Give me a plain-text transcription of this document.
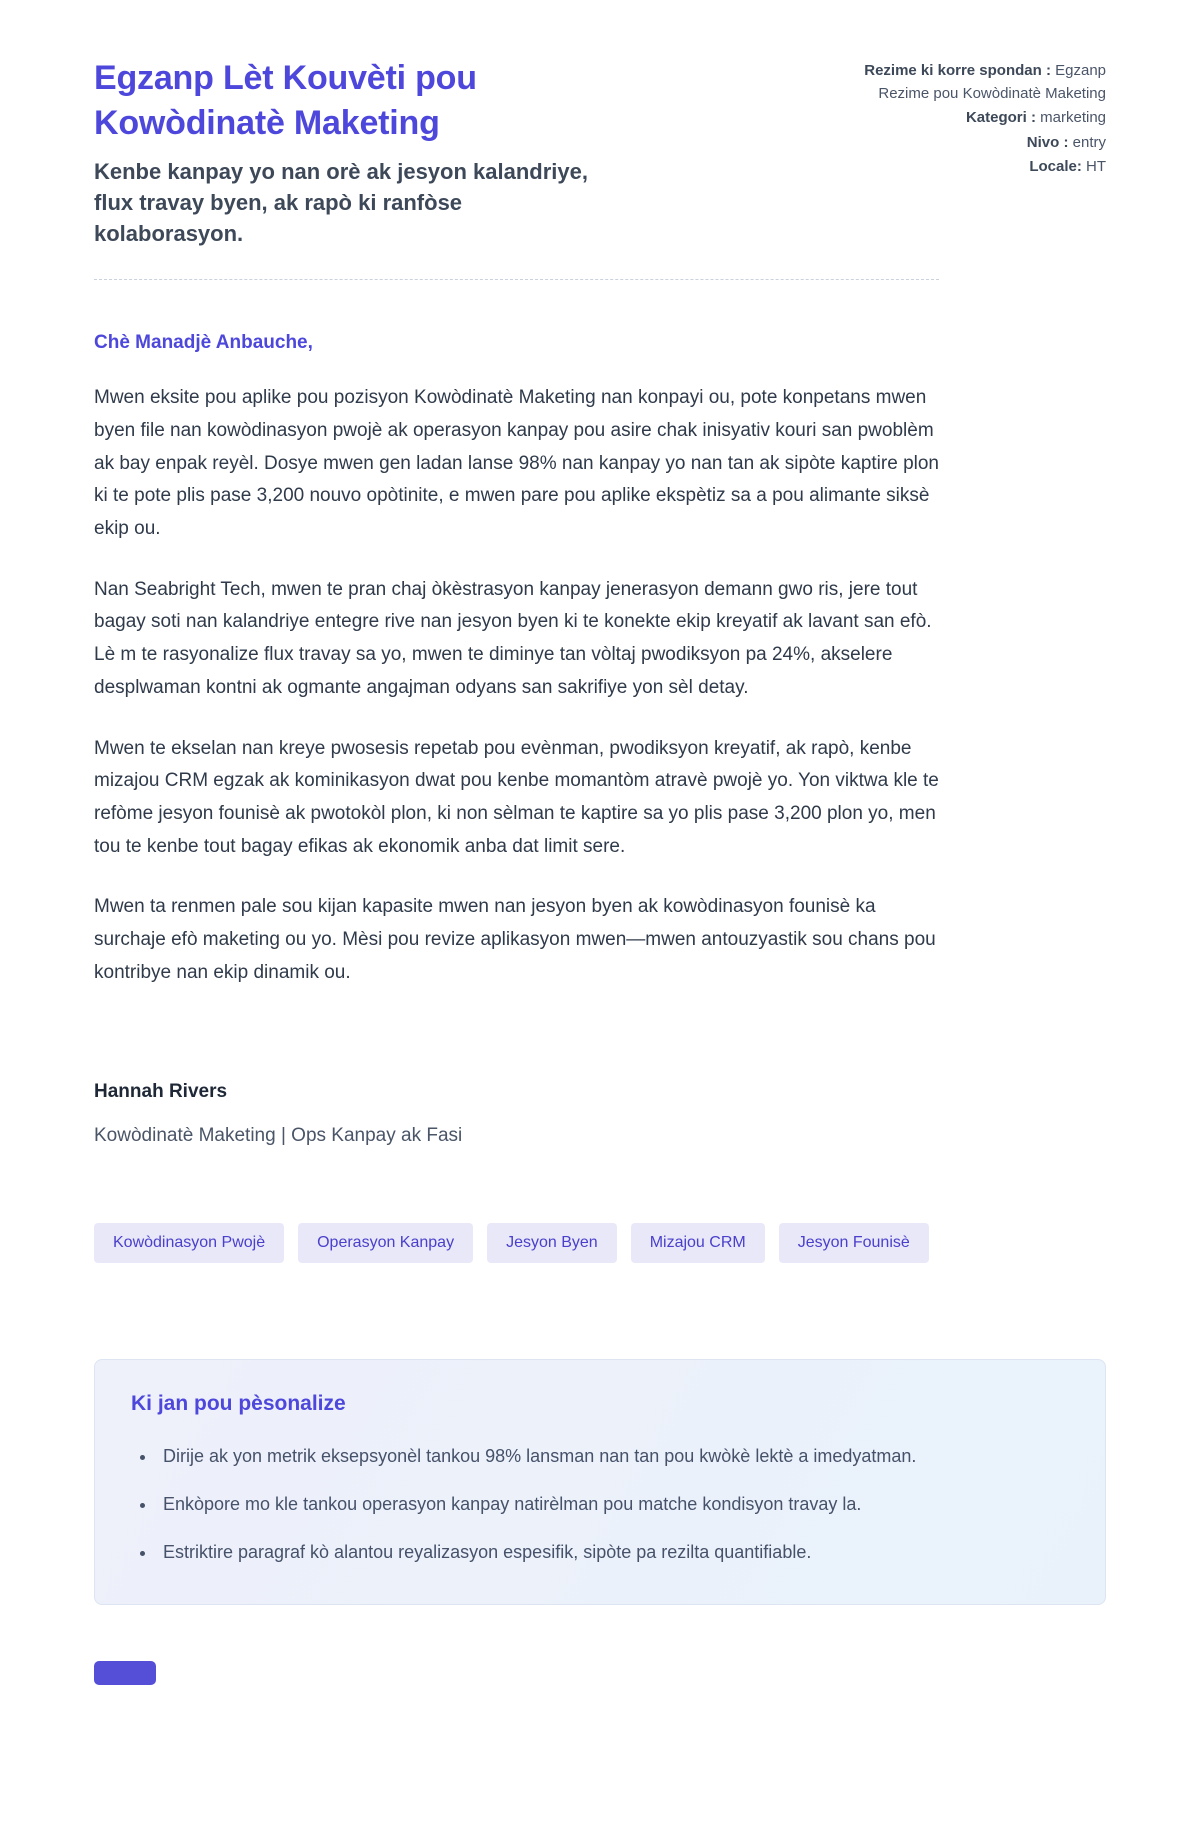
Egzanp Lèt Kouvèti pou Kowòdinatè Maketing

Kenbe kanpay yo nan orè ak jesyon kalandriye, flux travay byen, ak rapò ki ranfòse kolaborasyon.

Rezime ki korre spondan : Egzanp Rezime pou Kowòdinatè Maketing
Kategori : marketing
Nivo : entry
Locale: HT

Chè Manadjè Anbauche,

Mwen eksite pou aplike pou pozisyon Kowòdinatè Maketing nan konpayi ou, pote konpetans mwen byen file nan kowòdinasyon pwojè ak operasyon kanpay pou asire chak inisyativ kouri san pwoblèm ak bay enpak reyèl. Dosye mwen gen ladan lanse 98% nan kanpay yo nan tan ak sipòte kaptire plon ki te pote plis pase 3,200 nouvo opòtinite, e mwen pare pou aplike ekspètiz sa a pou alimante siksè ekip ou.

Nan Seabright Tech, mwen te pran chaj òkèstrasyon kanpay jenerasyon demann gwo ris, jere tout bagay soti nan kalandriye entegre rive nan jesyon byen ki te konekte ekip kreyatif ak lavant san efò. Lè m te rasyonalize flux travay sa yo, mwen te diminye tan vòltaj pwodiksyon pa 24%, akselere desplwaman kontni ak ogmante angajman odyans san sakrifiye yon sèl detay.

Mwen te ekselan nan kreye pwosesis repetab pou evènman, pwodiksyon kreyatif, ak rapò, kenbe mizajou CRM egzak ak kominikasyon dwat pou kenbe momantòm atravè pwojè yo. Yon viktwa kle te refòme jesyon founisè ak pwotokòl plon, ki non sèlman te kaptire sa yo plis pase 3,200 plon yo, men tou te kenbe tout bagay efikas ak ekonomik anba dat limit sere.

Mwen ta renmen pale sou kijan kapasite mwen nan jesyon byen ak kowòdinasyon founisè ka surchaje efò maketing ou yo. Mèsi pou revize aplikasyon mwen—mwen antouzyastik sou chans pou kontribye nan ekip dinamik ou.

Hannah Rivers

Kowòdinatè Maketing | Ops Kanpay ak Fasi

Kowòdinasyon Pwojè	Operasyon Kanpay	Jesyon Byen	Mizajou CRM	Jesyon Founisè
Ki jan pou pèsonalize
• Dirije ak yon metrik eksepsyonèl tankou 98% lansman nan tan pou kwòkè lektè a imedyatman.
• Enkòpore mo kle tankou operasyon kanpay natirèlman pou matche kondisyon travay la.
• Estriktire paragraf kò alantou reyalizasyon espesifik, sipòte pa rezilta quantifiable.
